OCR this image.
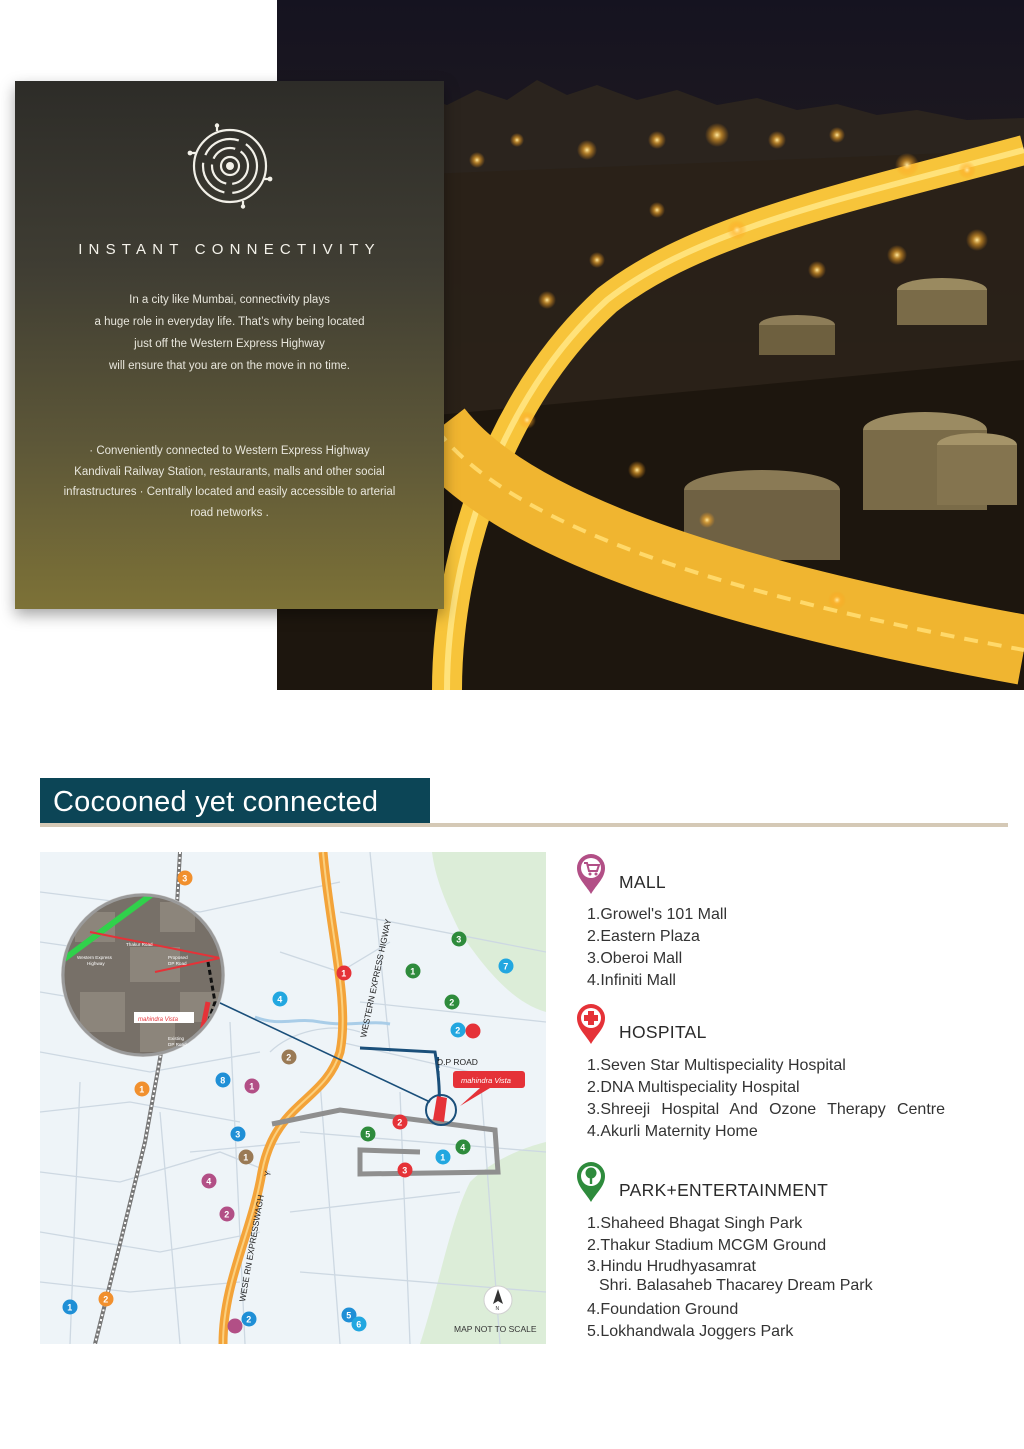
INSTANT CONNECTIVITY
In a city like Mumbai, connectivity plays
a huge role in everyday life. That’s why being located
just off the Western Express Highway
will ensure that you are on the move in no time.
· Conveniently connected to Western Express Highway
Kandivali Railway Station, restaurants, malls and other social
infrastructures · Centrally located and easily accessible to arterial
road networks .
Cocooned yet connected
mahindra Vista
D.P ROAD
WESTERN EXPRESS HIGWAY
WESE RN EXPRESSWAGH
Y
Thakur Road
Western Express
Highway
Proposed
DP Road
mahindra Vista
Existing
DP Road
N
MAP NOT TO SCALE
3
1
2
3
1
2
5
4
1
2
3
7
4
8
3
1
2
1
2	5
6
2
1
1
4
2
MALL
1.Growel's 101 Mall
2.Eastern Plaza
3.Oberoi Mall
4.Infiniti Mall
HOSPITAL
1.Seven Star Multispeciality Hospital
2.DNA Multispeciality Hospital
3.Shreeji Hospital And Ozone Therapy Centre 4.Akurli Maternity Home
PARK+ENTERTAINMENT
1.Shaheed Bhagat Singh Park
2.Thakur Stadium MCGM Ground
3.Hindu Hrudhyasamrat
Shri. Balasaheb Thacarey Dream Park
4.Foundation Ground
5.Lokhandwala Joggers Park
